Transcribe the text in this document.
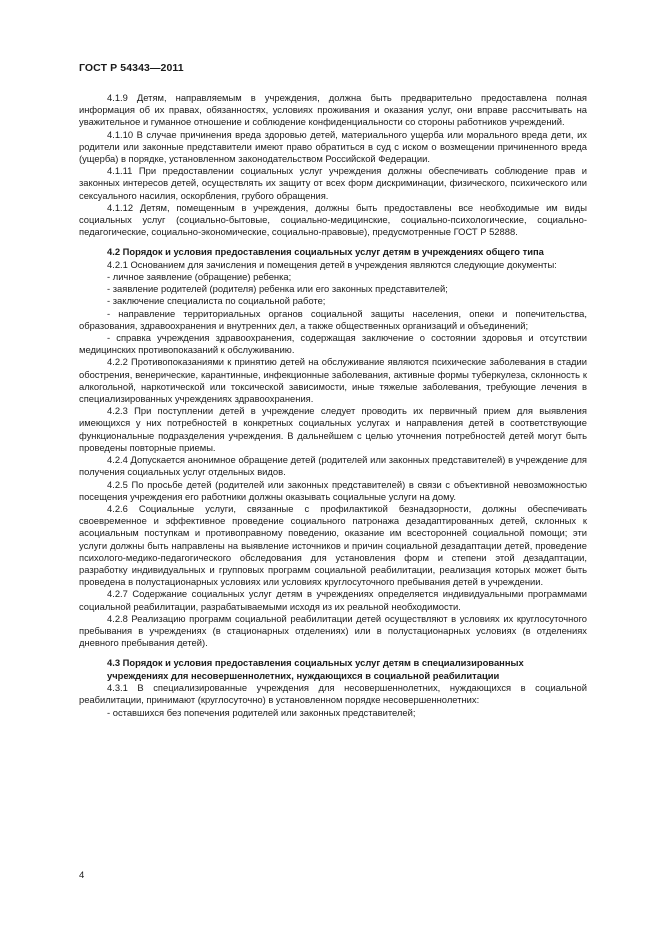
ГОСТ Р 54343—2011

4.1.9 Детям, направляемым в учреждения, должна быть предварительно предоставлена полная информация об их правах, обязанностях, условиях проживания и оказания услуг, они вправе рассчитывать на уважительное и гуманное отношение и соблюдение конфиденциальности со стороны работников учреждений.

4.1.10 В случае причинения вреда здоровью детей, материального ущерба или морального вреда дети, их родители или законные представители имеют право обратиться в суд с иском о возмещении причиненного вреда (ущерба) в порядке, установленном законодательством Российской Федерации.

4.1.11 При предоставлении социальных услуг учреждения должны обеспечивать соблюдение прав и законных интересов детей, осуществлять их защиту от всех форм дискриминации, физического, психического или сексуального насилия, оскорбления, грубого обращения.

4.1.12 Детям, помещенным в учреждения, должны быть предоставлены все необходимые им виды социальных услуг (социально-бытовые, социально-медицинские, социально-психологические, социально-педагогические, социально-экономические, социально-правовые), предусмотренные ГОСТ Р 52888.

4.2 Порядок и условия предоставления социальных услуг детям в учреждениях общего типа

4.2.1 Основанием для зачисления и помещения детей в учреждения являются следующие документы:

- личное заявление (обращение) ребенка;

- заявление родителей (родителя) ребенка или его законных представителей;

- заключение специалиста по социальной работе;

- направление территориальных органов социальной защиты населения, опеки и попечительства, образования, здравоохранения и внутренних дел, а также общественных организаций и объединений;

- справка учреждения здравоохранения, содержащая заключение о состоянии здоровья и отсутствии медицинских противопоказаний к обслуживанию.

4.2.2 Противопоказаниями к принятию детей на обслуживание являются психические заболевания в стадии обострения, венерические, карантинные, инфекционные заболевания, активные формы туберкулеза, склонность к алкогольной, наркотической или токсической зависимости, иные тяжелые заболевания, требующие лечения в специализированных учреждениях здравоохранения.

4.2.3 При поступлении детей в учреждение следует проводить их первичный прием для выявления имеющихся у них потребностей в конкретных социальных услугах и направления детей в соответствующие функциональные подразделения учреждения. В дальнейшем с целью уточнения потребностей детей могут быть проведены повторные приемы.

4.2.4 Допускается анонимное обращение детей (родителей или законных представителей) в учреждение для получения социальных услуг отдельных видов.

4.2.5 По просьбе детей (родителей или законных представителей) в связи с объективной невозможностью посещения учреждения его работники должны оказывать социальные услуги на дому.

4.2.6 Социальные услуги, связанные с профилактикой безнадзорности, должны обеспечивать своевременное и эффективное проведение социального патронажа дезадаптированных детей, склонных к асоциальным поступкам и противоправному поведению, оказание им всесторонней социальной помощи; эти услуги должны быть направлены на выявление источников и причин социальной дезадаптации детей, проведение психолого-медико-педагогического обследования для установления форм и степени этой дезадаптации, разработку индивидуальных и групповых программ социальной реабилитации, реализация которых может быть проведена в полустационарных условиях или условиях круглосуточного пребывания детей в учреждении.

4.2.7 Содержание социальных услуг детям в учреждениях определяется индивидуальными программами социальной реабилитации, разрабатываемыми исходя из их реальной необходимости.

4.2.8 Реализацию программ социальной реабилитации детей осуществляют в условиях их круглосуточного пребывания в учреждениях (в стационарных отделениях) или в полустационарных условиях (в отделениях дневного пребывания детей).

4.3 Порядок и условия предоставления социальных услуг детям в специализированных учреждениях для несовершеннолетних, нуждающихся в социальной реабилитации

4.3.1 В специализированные учреждения для несовершеннолетних, нуждающихся в социальной реабилитации, принимают (круглосуточно) в установленном порядке несовершеннолетних:

- оставшихся без попечения родителей или законных представителей;

4
